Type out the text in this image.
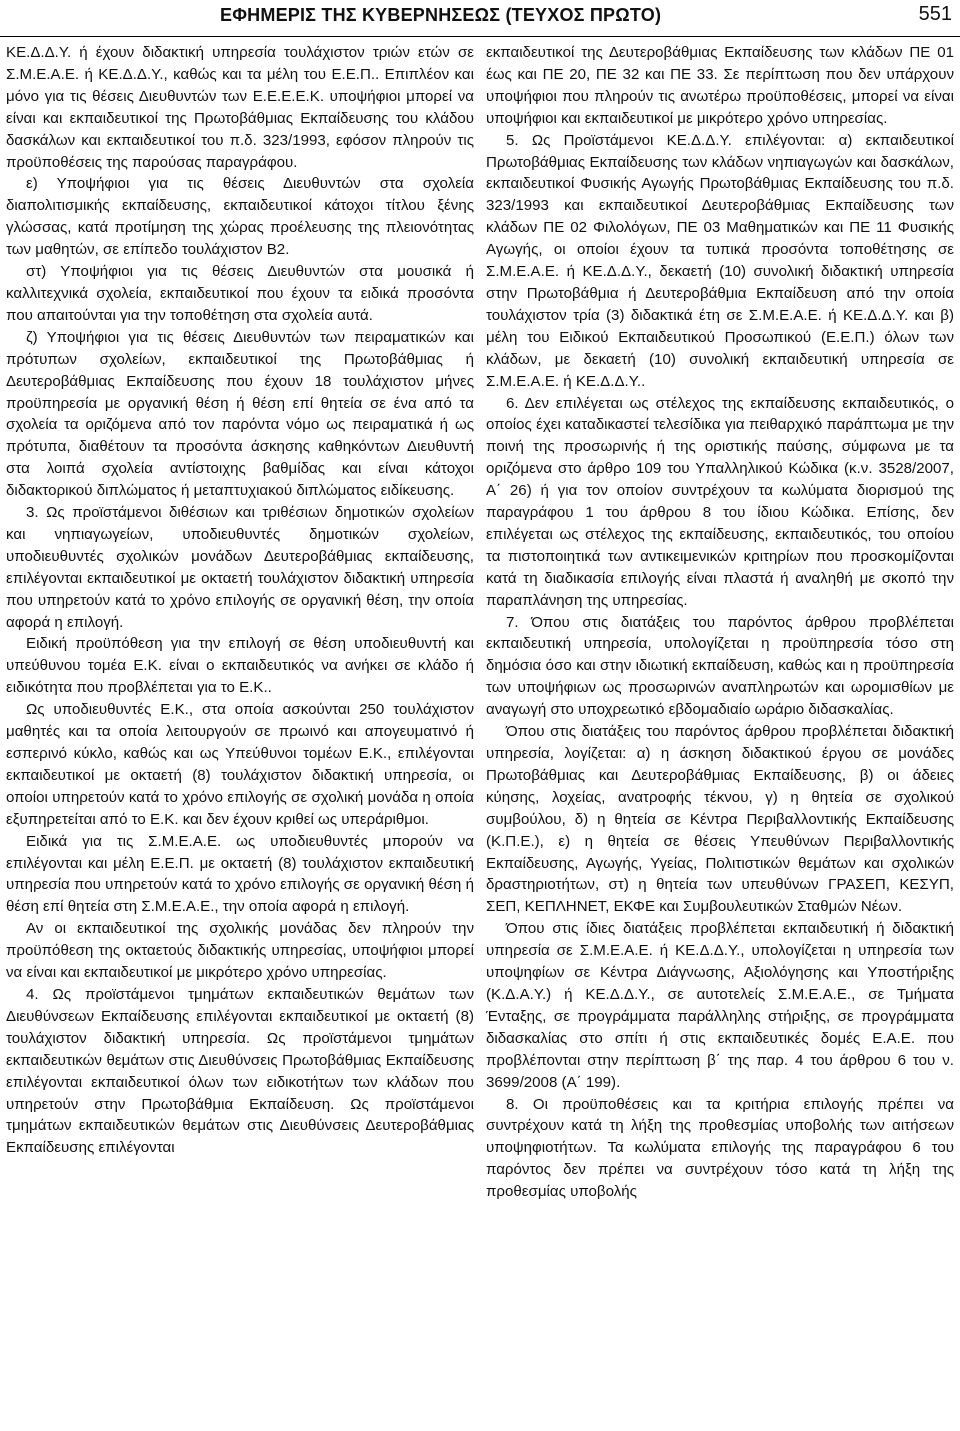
ΕΦΗΜΕΡΙΣ ΤΗΣ ΚΥΒΕΡΝΗΣΕΩΣ (ΤΕΥΧΟΣ ΠΡΩΤΟ)	551

ΚΕ.Δ.Δ.Υ. ή έχουν διδακτική υπηρεσία τουλάχιστον τριών ετών σε Σ.Μ.Ε.Α.Ε. ή ΚΕ.Δ.Δ.Υ., καθώς και τα μέλη του Ε.Ε.Π.. Επιπλέον και μόνο για τις θέσεις Διευθυντών των Ε.Ε.Ε.Ε.Κ. υποψήφιοι μπορεί να είναι και εκπαιδευτικοί της Πρωτοβάθμιας Εκπαίδευσης του κλάδου δασκάλων και εκπαιδευτικοί του π.δ. 323/1993, εφόσον πληρούν τις προϋποθέσεις της παρούσας παραγράφου.

ε) Υποψήφιοι για τις θέσεις Διευθυντών στα σχολεία διαπολιτισμικής εκπαίδευσης, εκπαιδευτικοί κάτοχοι τίτλου ξένης γλώσσας, κατά προτίμηση της χώρας προέλευσης της πλειονότητας των μαθητών, σε επίπεδο τουλάχιστον Β2.

στ) Υποψήφιοι για τις θέσεις Διευθυντών στα μουσικά ή καλλιτεχνικά σχολεία, εκπαιδευτικοί που έχουν τα ειδικά προσόντα που απαιτούνται για την τοποθέτηση στα σχολεία αυτά.

ζ) Υποψήφιοι για τις θέσεις Διευθυντών των πειραματικών και πρότυπων σχολείων, εκπαιδευτικοί της Πρωτοβάθμιας ή Δευτεροβάθμιας Εκπαίδευσης που έχουν 18 τουλάχιστον μήνες προϋπηρεσία με οργανική θέση ή θέση επί θητεία σε ένα από τα σχολεία τα οριζόμενα από τον παρόντα νόμο ως πειραματικά ή ως πρότυπα, διαθέτουν τα προσόντα άσκησης καθηκόντων Διευθυντή στα λοιπά σχολεία αντίστοιχης βαθμίδας και είναι κάτοχοι διδακτορικού διπλώματος ή μεταπτυχιακού διπλώματος ειδίκευσης.

3. Ως προϊστάμενοι διθέσιων και τριθέσιων δημοτικών σχολείων και νηπιαγωγείων, υποδιευθυντές δημοτικών σχολείων, υποδιευθυντές σχολικών μονάδων Δευτεροβάθμιας εκπαίδευσης, επιλέγονται εκπαιδευτικοί με οκταετή τουλάχιστον διδακτική υπηρεσία που υπηρετούν κατά το χρόνο επιλογής σε οργανική θέση, την οποία αφορά η επιλογή.

Ειδική προϋπόθεση για την επιλογή σε θέση υποδιευθυντή και υπεύθυνου τομέα Ε.Κ. είναι ο εκπαιδευτικός να ανήκει σε κλάδο ή ειδικότητα που προβλέπεται για το Ε.Κ..

Ως υποδιευθυντές Ε.Κ., στα οποία ασκούνται 250 τουλάχιστον μαθητές και τα οποία λειτουργούν σε πρωινό και απογευματινό ή εσπερινό κύκλο, καθώς και ως Υπεύθυνοι τομέων Ε.Κ., επιλέγονται εκπαιδευτικοί με οκταετή (8) τουλάχιστον διδακτική υπηρεσία, οι οποίοι υπηρετούν κατά το χρόνο επιλογής σε σχολική μονάδα η οποία εξυπηρετείται από το Ε.Κ. και δεν έχουν κριθεί ως υπεράριθμοι.

Ειδικά για τις Σ.Μ.Ε.Α.Ε. ως υποδιευθυντές μπορούν να επιλέγονται και μέλη Ε.Ε.Π. με οκταετή (8) τουλάχιστον εκπαιδευτική υπηρεσία που υπηρετούν κατά το χρόνο επιλογής σε οργανική θέση ή θέση επί θητεία στη Σ.Μ.Ε.Α.Ε., την οποία αφορά η επιλογή.

Αν οι εκπαιδευτικοί της σχολικής μονάδας δεν πληρούν την προϋπόθεση της οκταετούς διδακτικής υπηρεσίας, υποψήφιοι μπορεί να είναι και εκπαιδευτικοί με μικρότερο χρόνο υπηρεσίας.

4. Ως προϊστάμενοι τμημάτων εκπαιδευτικών θεμάτων των Διευθύνσεων Εκπαίδευσης επιλέγονται εκπαιδευτικοί με οκταετή (8) τουλάχιστον διδακτική υπηρεσία. Ως προϊστάμενοι τμημάτων εκπαιδευτικών θεμάτων στις Διευθύνσεις Πρωτοβάθμιας Εκπαίδευσης επιλέγονται εκπαιδευτικοί όλων των ειδικοτήτων των κλάδων που υπηρετούν στην Πρωτοβάθμια Εκπαίδευση. Ως προϊστάμενοι τμημάτων εκπαιδευτικών θεμάτων στις Διευθύνσεις Δευτεροβάθμιας Εκπαίδευσης επιλέγονται

εκπαιδευτικοί της Δευτεροβάθμιας Εκπαίδευσης των κλάδων ΠΕ 01 έως και ΠΕ 20, ΠΕ 32 και ΠΕ 33. Σε περίπτωση που δεν υπάρχουν υποψήφιοι που πληρούν τις ανωτέρω προϋποθέσεις, μπορεί να είναι υποψήφιοι και εκπαιδευτικοί με μικρότερο χρόνο υπηρεσίας.

5. Ως Προϊστάμενοι ΚΕ.Δ.Δ.Υ. επιλέγονται: α) εκπαιδευτικοί Πρωτοβάθμιας Εκπαίδευσης των κλάδων νηπιαγωγών και δασκάλων, εκπαιδευτικοί Φυσικής Αγωγής Πρωτοβάθμιας Εκπαίδευσης του π.δ. 323/1993 και εκπαιδευτικοί Δευτεροβάθμιας Εκπαίδευσης των κλάδων ΠΕ 02 Φιλολόγων, ΠΕ 03 Μαθηματικών και ΠΕ 11 Φυσικής Αγωγής, οι οποίοι έχουν τα τυπικά προσόντα τοποθέτησης σε Σ.Μ.Ε.Α.Ε. ή ΚΕ.Δ.Δ.Υ., δεκαετή (10) συνολική διδακτική υπηρεσία στην Πρωτοβάθμια ή Δευτεροβάθμια Εκπαίδευση από την οποία τουλάχιστον τρία (3) διδακτικά έτη σε Σ.Μ.Ε.Α.Ε. ή ΚΕ.Δ.Δ.Υ. και β) μέλη του Ειδικού Εκπαιδευτικού Προσωπικού (Ε.Ε.Π.) όλων των κλάδων, με δεκαετή (10) συνολική εκπαιδευτική υπηρεσία σε Σ.Μ.Ε.Α.Ε. ή ΚΕ.Δ.Δ.Υ..

6. Δεν επιλέγεται ως στέλεχος της εκπαίδευσης εκπαιδευτικός, ο οποίος έχει καταδικαστεί τελεσίδικα για πειθαρχικό παράπτωμα με την ποινή της προσωρινής ή της οριστικής παύσης, σύμφωνα με τα οριζόμενα στο άρθρο 109 του Υπαλληλικού Κώδικα (κ.ν. 3528/2007, Α΄ 26) ή για τον οποίον συντρέχουν τα κωλύματα διορισμού της παραγράφου 1 του άρθρου 8 του ίδιου Κώδικα. Επίσης, δεν επιλέγεται ως στέλεχος της εκπαίδευσης, εκπαιδευτικός, του οποίου τα πιστοποιητικά των αντικειμενικών κριτηρίων που προσκομίζονται κατά τη διαδικασία επιλογής είναι πλαστά ή αναληθή με σκοπό την παραπλάνηση της υπηρεσίας.

7. Όπου στις διατάξεις του παρόντος άρθρου προβλέπεται εκπαιδευτική υπηρεσία, υπολογίζεται η προϋπηρεσία τόσο στη δημόσια όσο και στην ιδιωτική εκπαίδευση, καθώς και η προϋπηρεσία των υποψήφιων ως προσωρινών αναπληρωτών και ωρομισθίων με αναγωγή στο υποχρεωτικό εβδομαδιαίο ωράριο διδασκαλίας.

Όπου στις διατάξεις του παρόντος άρθρου προβλέπεται διδακτική υπηρεσία, λογίζεται: α) η άσκηση διδακτικού έργου σε μονάδες Πρωτοβάθμιας και Δευτεροβάθμιας Εκπαίδευσης, β) οι άδειες κύησης, λοχείας, ανατροφής τέκνου, γ) η θητεία σε σχολικού συμβούλου, δ) η θητεία σε Κέντρα Περιβαλλοντικής Εκπαίδευσης (Κ.Π.Ε.), ε) η θητεία σε θέσεις Υπευθύνων Περιβαλλοντικής Εκπαίδευσης, Αγωγής, Υγείας, Πολιτιστικών θεμάτων και σχολικών δραστηριοτήτων, στ) η θητεία των υπευθύνων ΓΡΑΣΕΠ, ΚΕΣΥΠ, ΣΕΠ, ΚΕΠΛΗΝΕΤ, ΕΚΦΕ και Συμβουλευτικών Σταθμών Νέων.

Όπου στις ίδιες διατάξεις προβλέπεται εκπαιδευτική ή διδακτική υπηρεσία σε Σ.Μ.Ε.Α.Ε. ή ΚΕ.Δ.Δ.Υ., υπολογίζεται η υπηρεσία των υποψηφίων σε Κέντρα Διάγνωσης, Αξιολόγησης και Υποστήριξης (Κ.Δ.Α.Υ.) ή ΚΕ.Δ.Δ.Υ., σε αυτοτελείς Σ.Μ.Ε.Α.Ε., σε Τμήματα Ένταξης, σε προγράμματα παράλληλης στήριξης, σε προγράμματα διδασκαλίας στο σπίτι ή στις εκπαιδευτικές δομές Ε.Α.Ε. που προβλέπονται στην περίπτωση β΄ της παρ. 4 του άρθρου 6 του ν. 3699/2008 (Α΄ 199).

8. Οι προϋποθέσεις και τα κριτήρια επιλογής πρέπει να συντρέχουν κατά τη λήξη της προθεσμίας υποβολής των αιτήσεων υποψηφιοτήτων. Τα κωλύματα επιλογής της παραγράφου 6 του παρόντος δεν πρέπει να συντρέχουν τόσο κατά τη λήξη της προθεσμίας υποβολής
